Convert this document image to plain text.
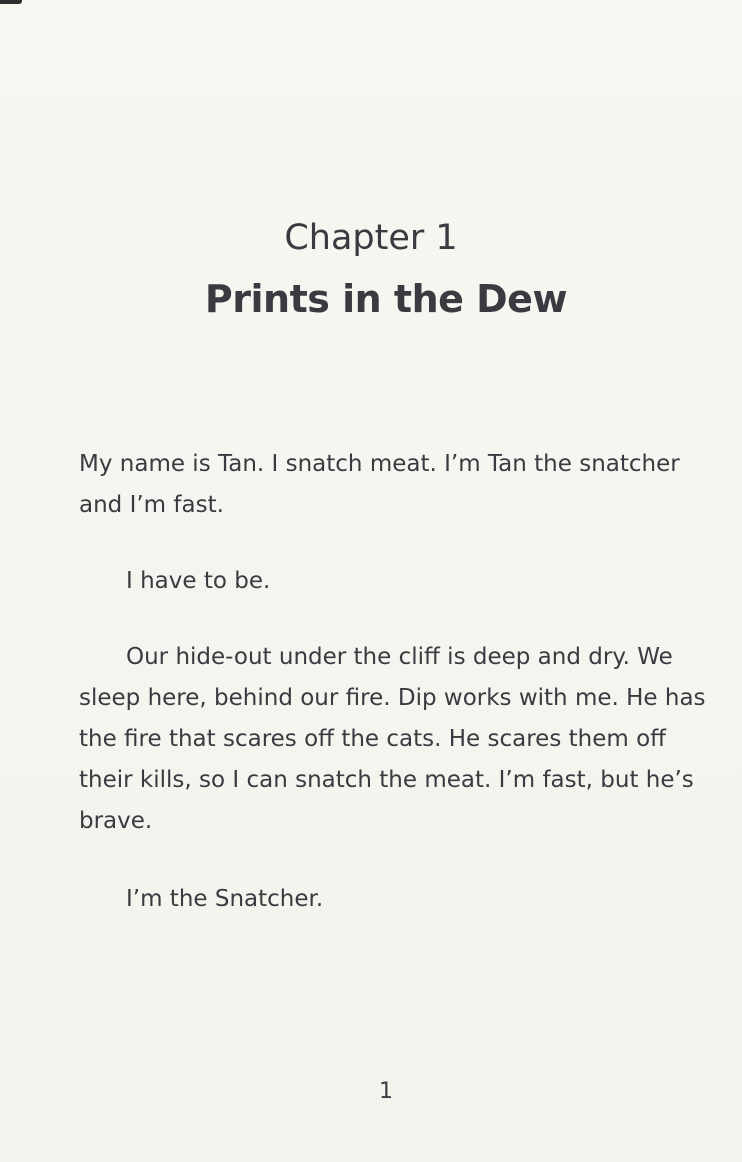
Chapter 1
Prints in the Dew

My name is Tan. I snatch meat. I’m Tan the snatcher and I’m fast.

I have to be.

Our hide-out under the cliff is deep and dry. We sleep here, behind our fire. Dip works with me. He has the fire that scares off the cats. He scares them off their kills, so I can snatch the meat. I’m fast, but he’s brave.

I’m the Snatcher.

1
